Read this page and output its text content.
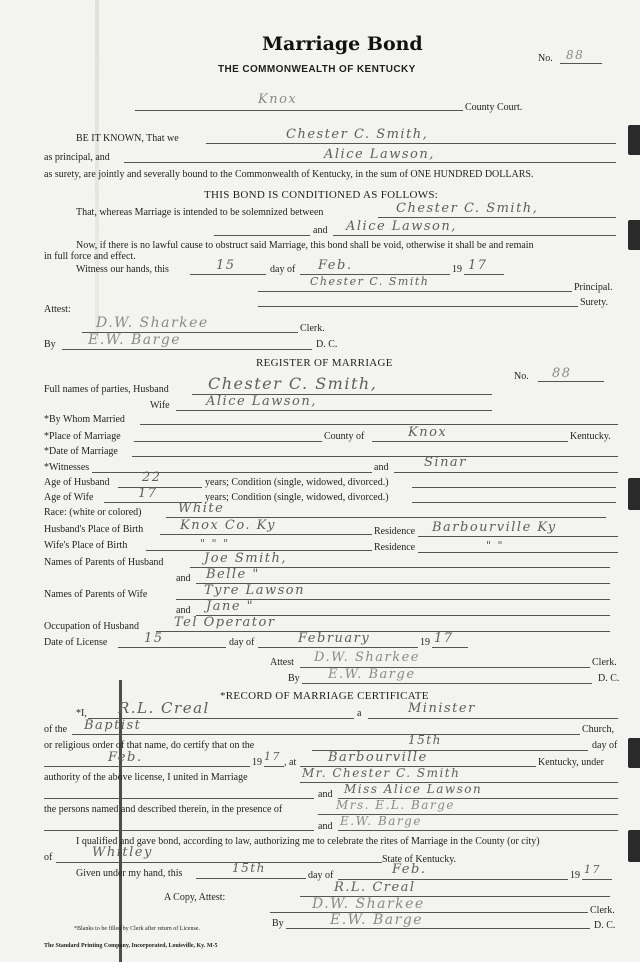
Marriage Bond
No. 88
THE COMMONWEALTH OF KENTUCKY
Knox
County Court.
BE IT KNOWN, That we	Chester C. Smith,
as principal, and	Alice Lawson,
as surety, are jointly and severally bound to the Commonwealth of Kentucky, in the sum of ONE HUNDRED DOLLARS.
THIS BOND IS CONDITIONED AS FOLLOWS:
That, whereas Marriage is intended to be solemnized between	Chester C. Smith,
and Alice Lawson,
Now, if there is no lawful cause to obstruct said Marriage, this bond shall be void, otherwise it shall be and remain
in full force and effect.
Witness our hands, this	15	day of Feb.	19 17
Chester C. Smith	Principal.
Surety.
Attest:
D.W. Sharkee	Clerk.
By E.W. Barge	D. C.
REGISTER OF MARRIAGE
No. 88
Full names of parties, Husband Chester C. Smith,
Wife	Alice Lawson,
*By Whom Married
*Place of Marriage	County of	Knox	Kentucky.
*Date of Marriage
*Witnesses	and	Sinar
Age of Husband 22	years; Condition (single, widowed, divorced.)
Age of Wife	17	years; Condition (single, widowed, divorced.)
Race: (white or colored)	White
Husband's Place of Birth	Knox Co. Ky	Residence Barbourville Ky
Wife's Place of Birth	" " "	Residence	" "
Names of Parents of Husband	Joe Smith,
and Belle "
Names of Parents of Wife	Tyre Lawson
and Jane "
Occupation of Husband	Tel Operator
Date of License	15	day of	February	19 17
Attest D.W. Sharkee	Clerk.
By E.W. Barge	D. C.
*RECORD OF MARRIAGE CERTIFICATE
*I, R.L. Creal	a	Minister
of the Baptist	Church,
or religious order of that name, do certify that on the	15th	day of
Feb.	19 17 , at Barbourville	Kentucky, under
authority of the above license, I united in Marriage	Mr. Chester C. Smith
and Miss Alice Lawson
the persons named and described therein, in the presence of	Mrs. E.L. Barge
and E.W. Barge
I qualified and gave bond, according to law, authorizing me to celebrate the rites of Marriage in the County (or city)
of	Whitley	State of Kentucky.
Given under my hand, this	15th
day of	Feb.	19 17
R.L. Creal
A Copy, Attest:	D.W. Sharkee	Clerk.
*Blanks to be filled by Clerk after return of License.	By	E.W. Barge	D. C.
The Standard Printing Company, Incorporated, Louisville, Ky. M-5
